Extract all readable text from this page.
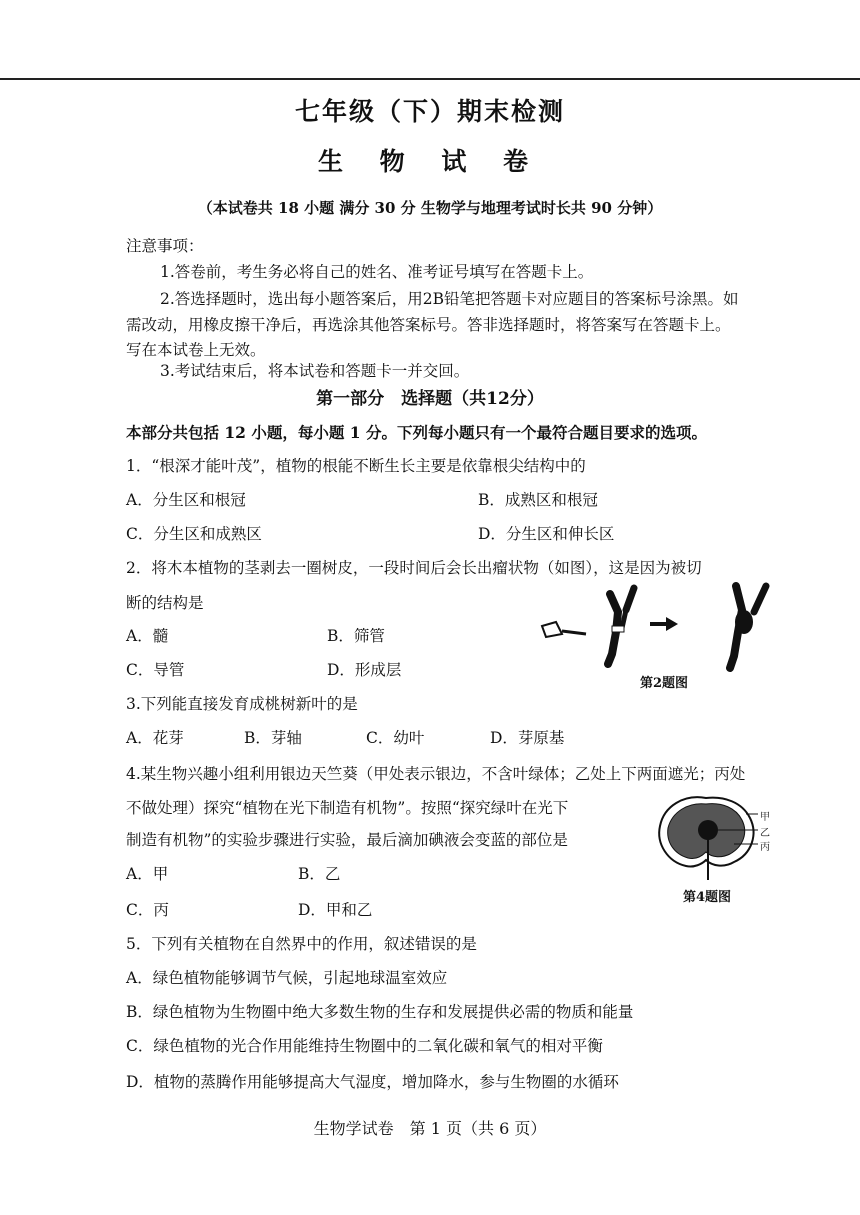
七年级（下）期末检测
生 物 试 卷
（本试卷共 18 小题 满分 30 分 生物学与地理考试时长共 90 分钟）
注意事项：
1.答卷前，考生务必将自己的姓名、准考证号填写在答题卡上。
2.答选择题时，选出每小题答案后，用2B铅笔把答题卡对应题目的答案标号涂黑。如
需改动，用橡皮擦干净后，再选涂其他答案标号。答非选择题时，将答案写在答题卡上。
写在本试卷上无效。
3.考试结束后，将本试卷和答题卡一并交回。
第一部分　选择题（共12分）
本部分共包括 12 小题，每小题 1 分。下列每小题只有一个最符合题目要求的选项。
1．“根深才能叶茂”，植物的根能不断生长主要是依靠根尖结构中的
A．分生区和根冠	B．成熟区和根冠
C．分生区和成熟区	D．分生区和伸长区
2．将木本植物的茎剥去一圈树皮，一段时间后会长出瘤状物（如图），这是因为被切
断的结构是
A．髓	B．筛管
C．导管	D．形成层
第2题图
3.下列能直接发育成桃树新叶的是
A．花芽	B．芽轴	C．幼叶	D．芽原基
4.某生物兴趣小组利用银边天竺葵（甲处表示银边，不含叶绿体；乙处上下两面遮光；丙处
不做处理）探究“植物在光下制造有机物”。按照“探究绿叶在光下
制造有机物”的实验步骤进行实验，最后滴加碘液会变蓝的部位是
A．甲	B．乙
C．丙	D．甲和乙
甲
乙
丙
第4题图
5．下列有关植物在自然界中的作用，叙述错误的是
A．绿色植物能够调节气候，引起地球温室效应
B．绿色植物为生物圈中绝大多数生物的生存和发展提供必需的物质和能量
C．绿色植物的光合作用能维持生物圈中的二氧化碳和氧气的相对平衡
D．植物的蒸腾作用能够提高大气湿度，增加降水，参与生物圈的水循环
生物学试卷　第 1 页（共 6 页）
